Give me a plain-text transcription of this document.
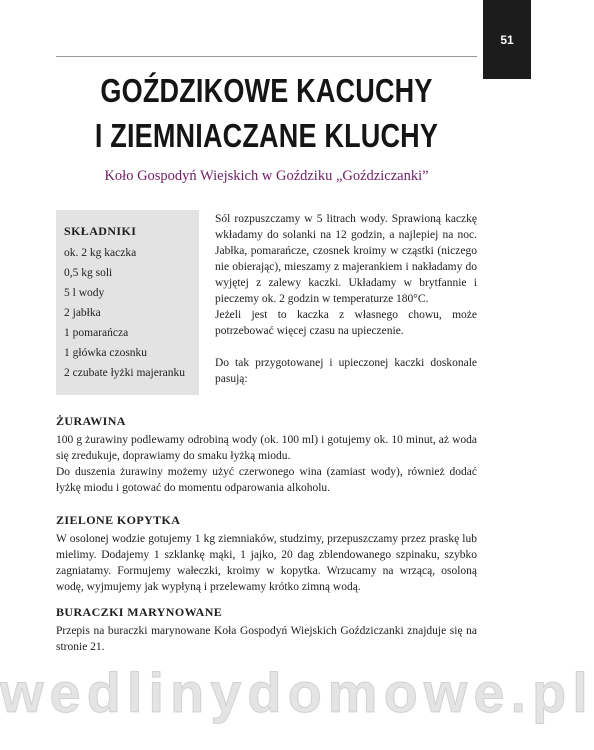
51
GOŹDZIKOWE KACUCHY
I ZIEMNIACZANE KLUCHY
Koło Gospodyń Wiejskich w Goździku „Goździczanki”
SKŁADNIKI
ok. 2 kg kaczka
0,5 kg soli
5 l wody
2 jabłka
1 pomarańcza
1 główka czosnku
2 czubate łyżki majeranku

Sól rozpuszczamy w 5 litrach wody. Sprawioną kaczkę wkładamy do solanki na 12 godzin, a najlepiej na noc. Jabłka, pomarańcze, czosnek kroimy w cząstki (niczego nie obierając), mieszamy z majerankiem i nakładamy do wyjętej z zalewy kaczki. Układamy w brytfannie i pieczemy ok. 2 godzin w temperaturze 180°C.

Jeżeli jest to kaczka z własnego chowu, może potrzebować więcej czasu na upieczenie.

Do tak przygotowanej i upieczonej kaczki doskonale pasują:

ŻURAWINA

100 g żurawiny podlewamy odrobiną wody (ok. 100 ml) i gotujemy ok. 10 minut, aż woda się zredukuje, doprawiamy do smaku łyżką miodu.

Do duszenia żurawiny możemy użyć czerwonego wina (zamiast wody), również dodać łyżkę miodu i gotować do momentu odparowania alkoholu.

ZIELONE KOPYTKA

W osolonej wodzie gotujemy 1 kg ziemniaków, studzimy, przepuszczamy przez praskę lub mielimy. Dodajemy 1 szklankę mąki, 1 jajko, 20 dag zblendowanego szpinaku, szybko zagniatamy. Formujemy wałeczki, kroimy w kopytka. Wrzucamy na wrzącą, osoloną wodę, wyjmujemy jak wypłyną i przelewamy krótko zimną wodą.

BURACZKI MARYNOWANE

Przepis na buraczki marynowane Koła Gospodyń Wiejskich Goździczanki znajduje się na stronie 21.

wedlinydomowe.pl
